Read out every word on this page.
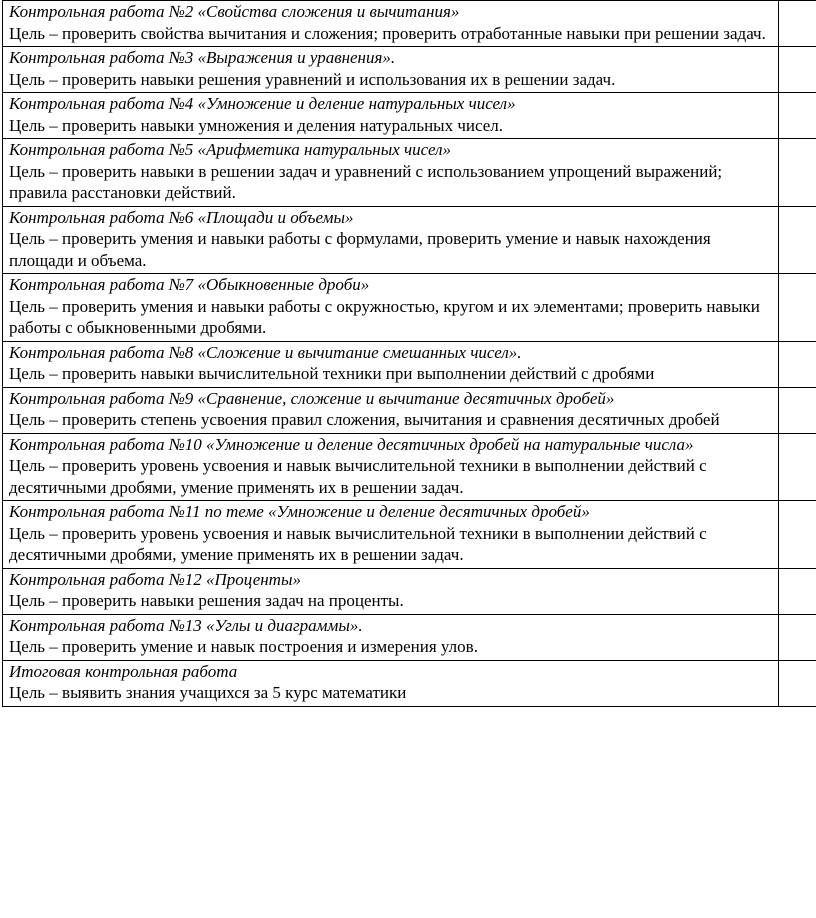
Контрольная работа №2 «Свойства сложения и вычитания»
Цель – проверить свойства вычитания и сложения; проверить отработанные навыки при решении задач.	

Контрольная работа №3 «Выражения и уравнения».
Цель – проверить навыки решения уравнений и использования их в решении задач.	

Контрольная работа №4 «Умножение и деление натуральных чисел»
Цель – проверить навыки умножения и деления натуральных чисел.	

Контрольная работа №5 «Арифметика натуральных чисел»
Цель – проверить навыки в решении задач и уравнений с использованием упрощений выражений; правила расстановки действий.	

Контрольная работа №6 «Площади и объемы»
Цель – проверить умения и навыки работы с формулами, проверить умение и навык нахождения площади и объема.	

Контрольная работа №7 «Обыкновенные дроби»
Цель – проверить умения и навыки работы с окружностью, кругом и их элементами; проверить навыки работы с обыкновенными дробями.	

Контрольная работа №8 «Сложение и вычитание смешанных чисел».
Цель – проверить навыки вычислительной техники при выполнении действий с дробями	

Контрольная работа №9 «Сравнение, сложение и вычитание десятичных дробей»
Цель – проверить степень усвоения правил сложения, вычитания и сравнения десятичных дробей	

Контрольная работа №10 «Умножение и деление десятичных дробей на натуральные числа»
Цель – проверить уровень усвоения и навык вычислительной техники в выполнении действий с десятичными дробями, умение применять их в решении задач.	

Контрольная работа №11 по теме «Умножение и деление десятичных дробей»
Цель – проверить уровень усвоения и навык вычислительной техники в выполнении действий с десятичными дробями, умение применять их в решении задач.	

Контрольная работа №12 «Проценты»
Цель – проверить навыки решения задач на проценты.	

Контрольная работа №13 «Углы и диаграммы».
Цель – проверить умение и навык построения и измерения улов.	

Итоговая контрольная работа
Цель – выявить знания учащихся за 5 курс математики	
